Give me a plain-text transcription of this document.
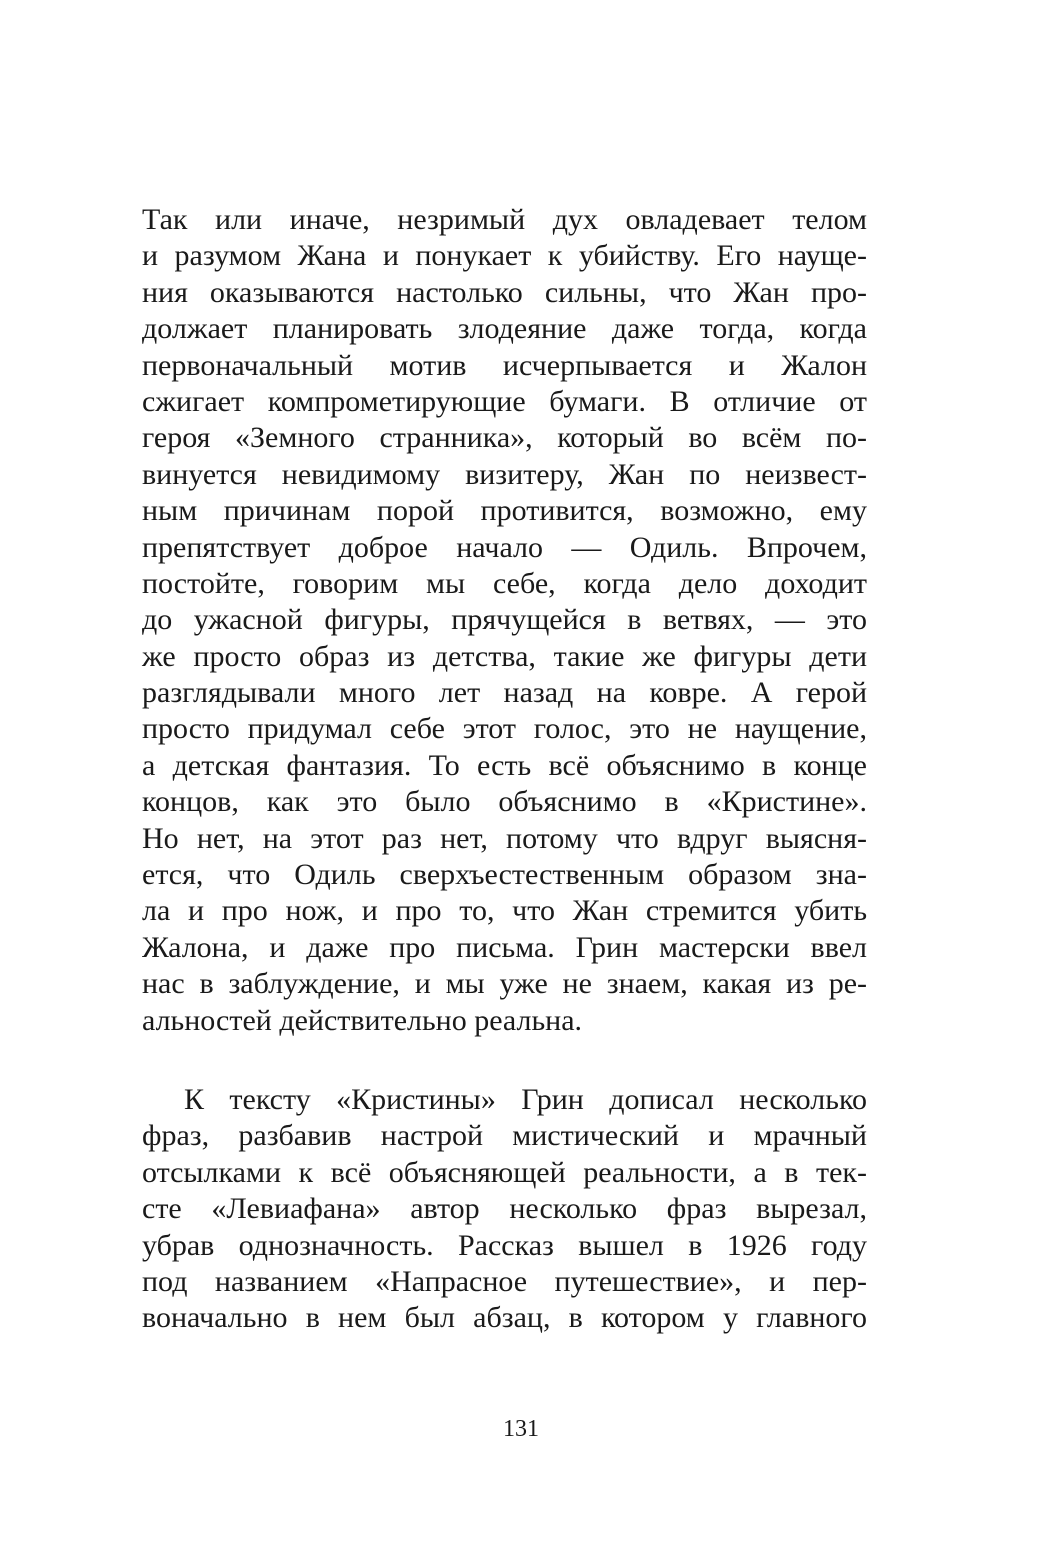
Так или иначе, незримый дух овладевает телом
и разумом Жана и понукает к убийству. Его наущe-
ния оказываются настолько сильны, что Жан про-
должает планировать злодеяние даже тогда, когда
первоначальный мотив исчерпывается и Жалон
сжигает компрометирующие бумаги. В отличие от
героя «Земного странника», который во всём по-
винуется невидимому визитеру, Жан по неизвест-
ным причинам порой противится, возможно, ему
препятствует доброе начало — Одиль. Впрочем,
постойте, говорим мы себе, когда дело доходит
до ужасной фигуры, прячущейся в ветвях, — это
же просто образ из детства, такие же фигуры дети
разглядывали много лет назад на ковре. А герой
просто придумал себе этот голос, это не наущение,
а детская фантазия. То есть всё объяснимо в конце
концов, как это было объяснимо в «Кристине».
Но нет, на этот раз нет, потому что вдруг выясня-
ется, что Одиль сверхъестественным образом зна-
ла и про нож, и про то, что Жан стремится убить
Жалона, и даже про письма. Грин мастерски ввел
нас в заблуждение, и мы уже не знаем, какая из ре-
альностей действительно реальна.
К тексту «Кристины» Грин дописал несколько
фраз, разбавив настрой мистический и мрачный
отсылками к всё объясняющей реальности, а в тек-
сте «Левиафана» автор несколько фраз вырезал,
убрав однозначность. Рассказ вышел в 1926 году
под названием «Напрасное путешествие», и пер-
воначально в нем был абзац, в котором у главного
131
